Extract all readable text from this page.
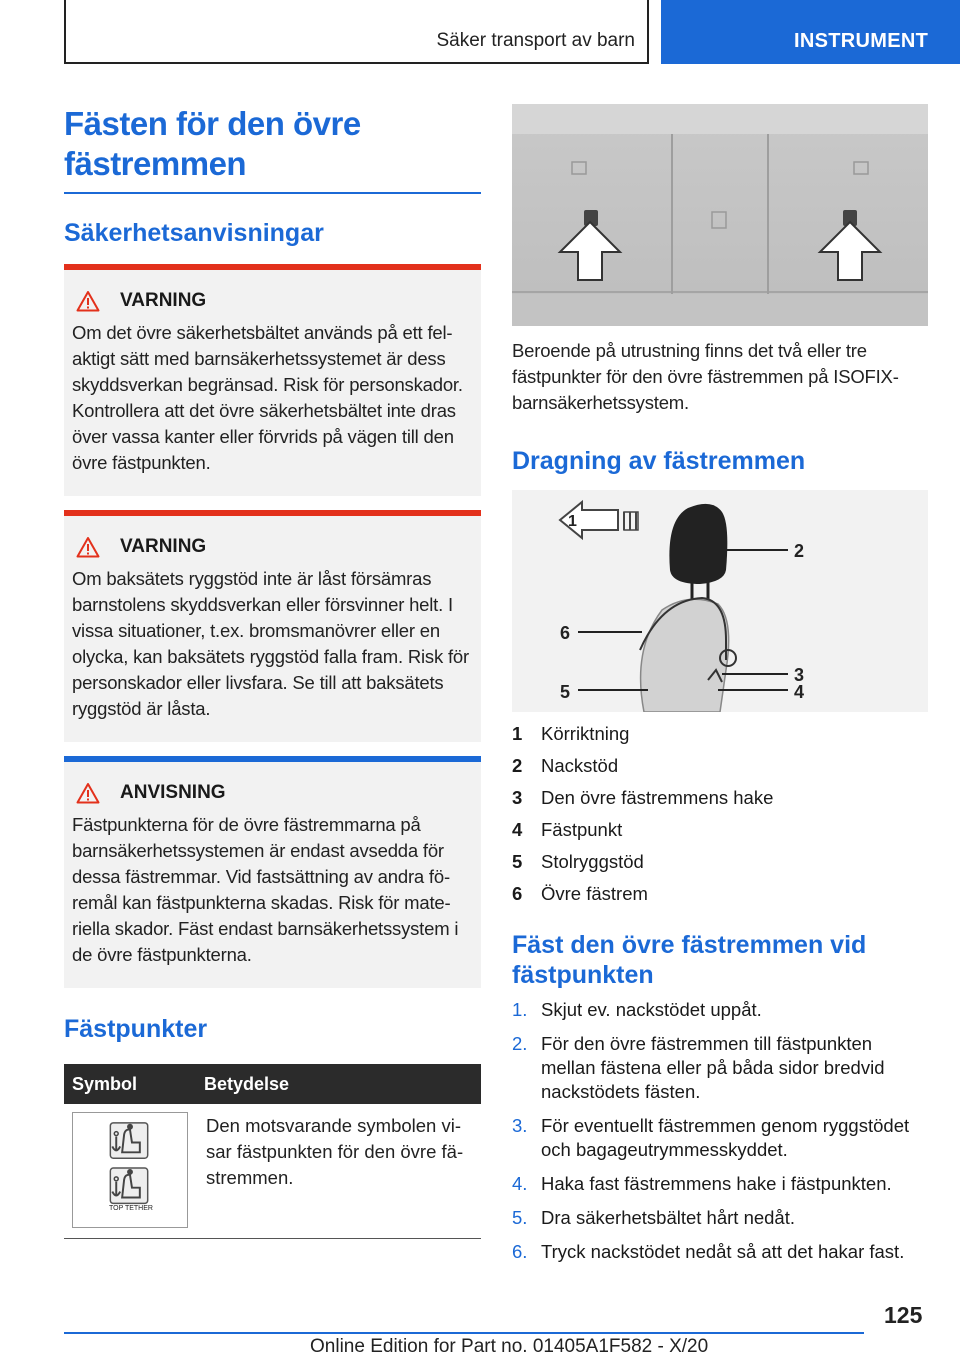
Säker transport av barn	INSTRUMENT
Fästen för den övre fästremmen
Säkerhetsanvisningar
VARNING

Om det övre säkerhetsbältet används på ett felaktigt sätt med barnsäkerhetssystemet är dess skyddsverkan begränsad. Risk för personskador. Kontrollera att det övre säkerhetsbältet inte dras över vassa kanter eller förvrids på vägen till den övre fästpunkten.

VARNING

Om baksätets ryggstöd inte är låst försämras barnstolens skyddsverkan eller försvinner helt. I vissa situationer, t.ex. bromsmanövrer eller en olycka, kan baksätets ryggstöd falla fram. Risk för personskador eller livsfara. Se till att baksätets ryggstöd är låsta.

ANVISNING

Fästpunkterna för de övre fästremmarna på barnsäkerhetssystemen är endast avsedda för dessa fästremmar. Vid fastsättning av andra föremål kan fästpunkterna skadas. Risk för materiella skador. Fäst endast barnsäkerhetssystem i de övre fästpunkterna.

Fästpunkter
Symbol	Betydelse

TOP TETHER	Den motsvarande symbolen visar fästpunkten för den övre fästremmen.

Beroende på utrustning finns det två eller tre fästpunkter för den övre fästremmen på ISOFIX-barnsäkerhetssystem.

Dragning av fästremmen
2
6
3
4
5
1
1	Körriktning
2	Nackstöd
3	Den övre fästremmens hake
4	Fästpunkt
5	Stolryggstöd
6	Övre fästrem
Fäst den övre fästremmen vid fästpunkten
1. Skjut ev. nackstödet uppåt.
2. För den övre fästremmen till fästpunkten mellan fästena eller på båda sidor bredvid nackstödets fästen.
3. För eventuellt fästremmen genom ryggstödet och bagageutrymmesskyddet.
4. Haka fast fästremmens hake i fästpunkten.
5. Dra säkerhetsbältet hårt nedåt.
6. Tryck nackstödet nedåt så att det hakar fast.
125
Online Edition for Part no. 01405A1F582 - X/20
